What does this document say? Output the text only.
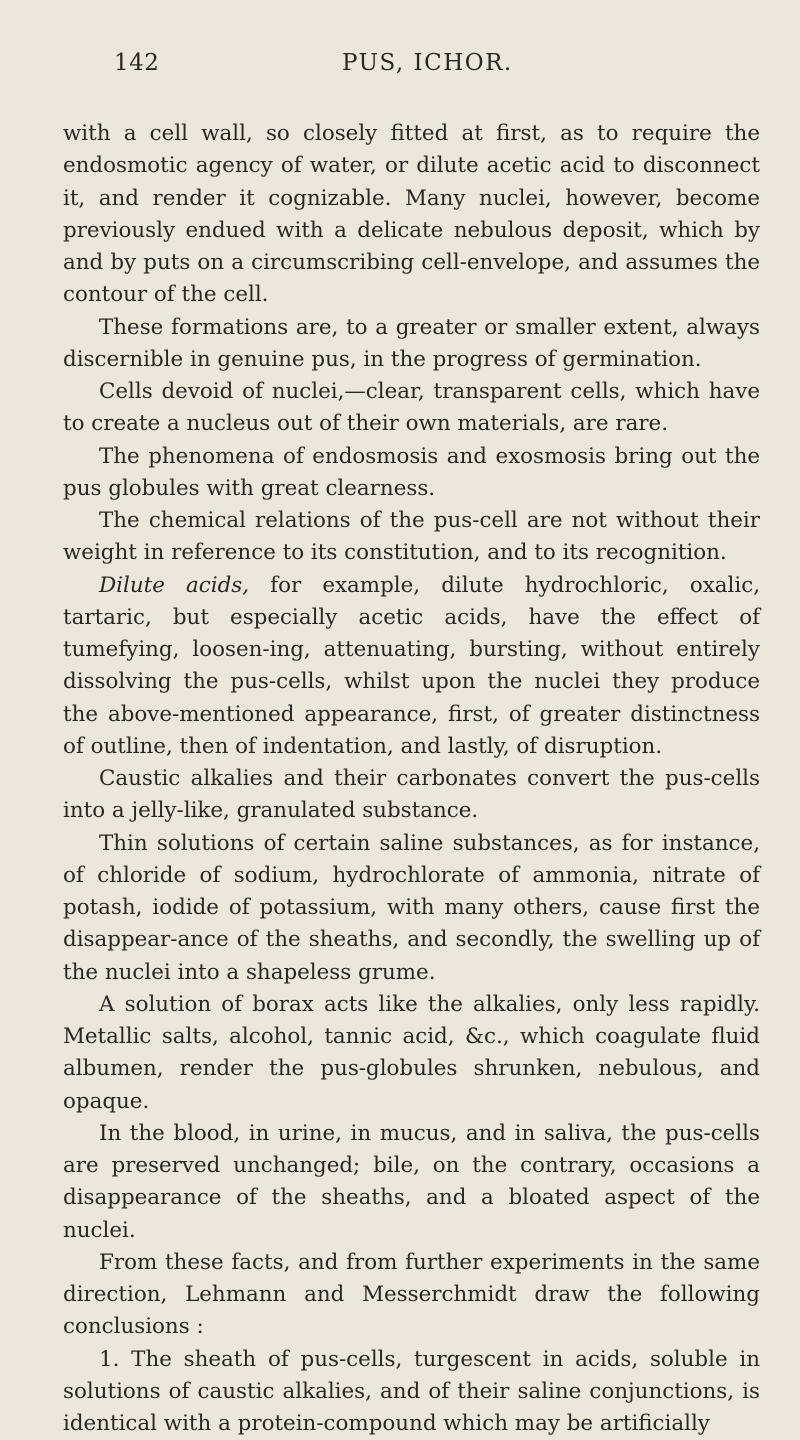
142	PUS, ICHOR.

with a cell wall, so closely fitted at first, as to require the endosmotic agency of water, or dilute acetic acid to disconnect it, and render it cognizable. Many nuclei, however, become previously endued with a delicate nebulous deposit, which by and by puts on a circumscribing cell-envelope, and assumes the contour of the cell.

These formations are, to a greater or smaller extent, always discernible in genuine pus, in the progress of germination.

Cells devoid of nuclei,—clear, transparent cells, which have to create a nucleus out of their own materials, are rare.

The phenomena of endosmosis and exosmosis bring out the pus globules with great clearness.

The chemical relations of the pus-cell are not without their weight in reference to its constitution, and to its recognition.

Dilute acids, for example, dilute hydrochloric, oxalic, tartaric, but especially acetic acids, have the effect of tumefying, loosen-ing, attenuating, bursting, without entirely dissolving the pus-cells, whilst upon the nuclei they produce the above-mentioned appearance, first, of greater distinctness of outline, then of indentation, and lastly, of disruption.

Caustic alkalies and their carbonates convert the pus-cells into a jelly-like, granulated substance.

Thin solutions of certain saline substances, as for instance, of chloride of sodium, hydrochlorate of ammonia, nitrate of potash, iodide of potassium, with many others, cause first the disappear-ance of the sheaths, and secondly, the swelling up of the nuclei into a shapeless grume.

A solution of borax acts like the alkalies, only less rapidly. Metallic salts, alcohol, tannic acid, &c., which coagulate fluid albumen, render the pus-globules shrunken, nebulous, and opaque.

In the blood, in urine, in mucus, and in saliva, the pus-cells are preserved unchanged; bile, on the contrary, occasions a disappearance of the sheaths, and a bloated aspect of the nuclei.

From these facts, and from further experiments in the same direction, Lehmann and Messerchmidt draw the following conclusions :

1. The sheath of pus-cells, turgescent in acids, soluble in solutions of caustic alkalies, and of their saline conjunctions, is identical with a protein-compound which may be artificially
